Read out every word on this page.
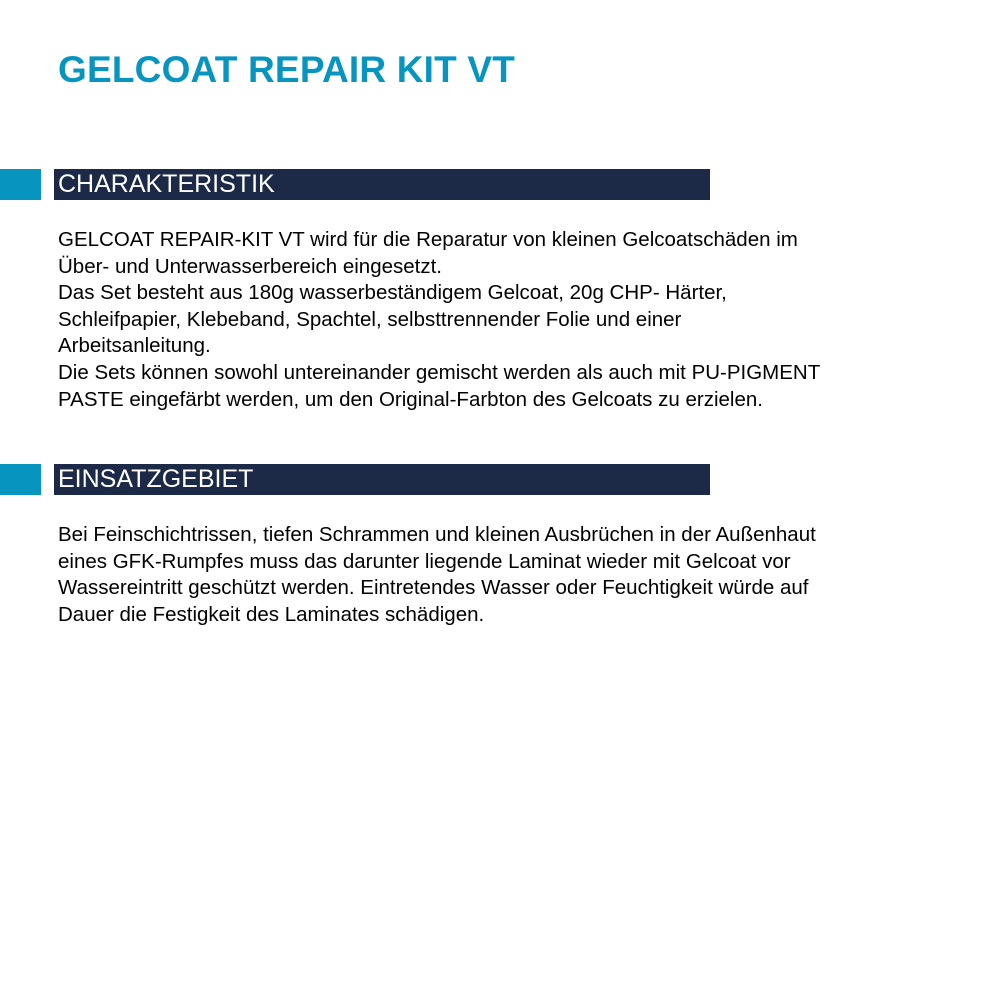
GELCOAT REPAIR KIT VT
CHARAKTERISTIK
GELCOAT REPAIR-KIT VT wird für die Reparatur von kleinen Gelcoatschäden im
Über- und Unterwasserbereich eingesetzt.
Das Set besteht aus 180g wasserbeständigem Gelcoat, 20g CHP- Härter,
Schleifpapier, Klebeband, Spachtel, selbsttrennender Folie und einer
Arbeitsanleitung.
Die Sets können sowohl untereinander gemischt werden als auch mit PU-PIGMENT
PASTE eingefärbt werden, um den Original-Farbton des Gelcoats zu erzielen.
EINSATZGEBIET
Bei Feinschichtrissen, tiefen Schrammen und kleinen Ausbrüchen in der Außenhaut
eines GFK-Rumpfes muss das darunter liegende Laminat wieder mit Gelcoat vor
Wassereintritt geschützt werden. Eintretendes Wasser oder Feuchtigkeit würde auf
Dauer die Festigkeit des Laminates schädigen.
